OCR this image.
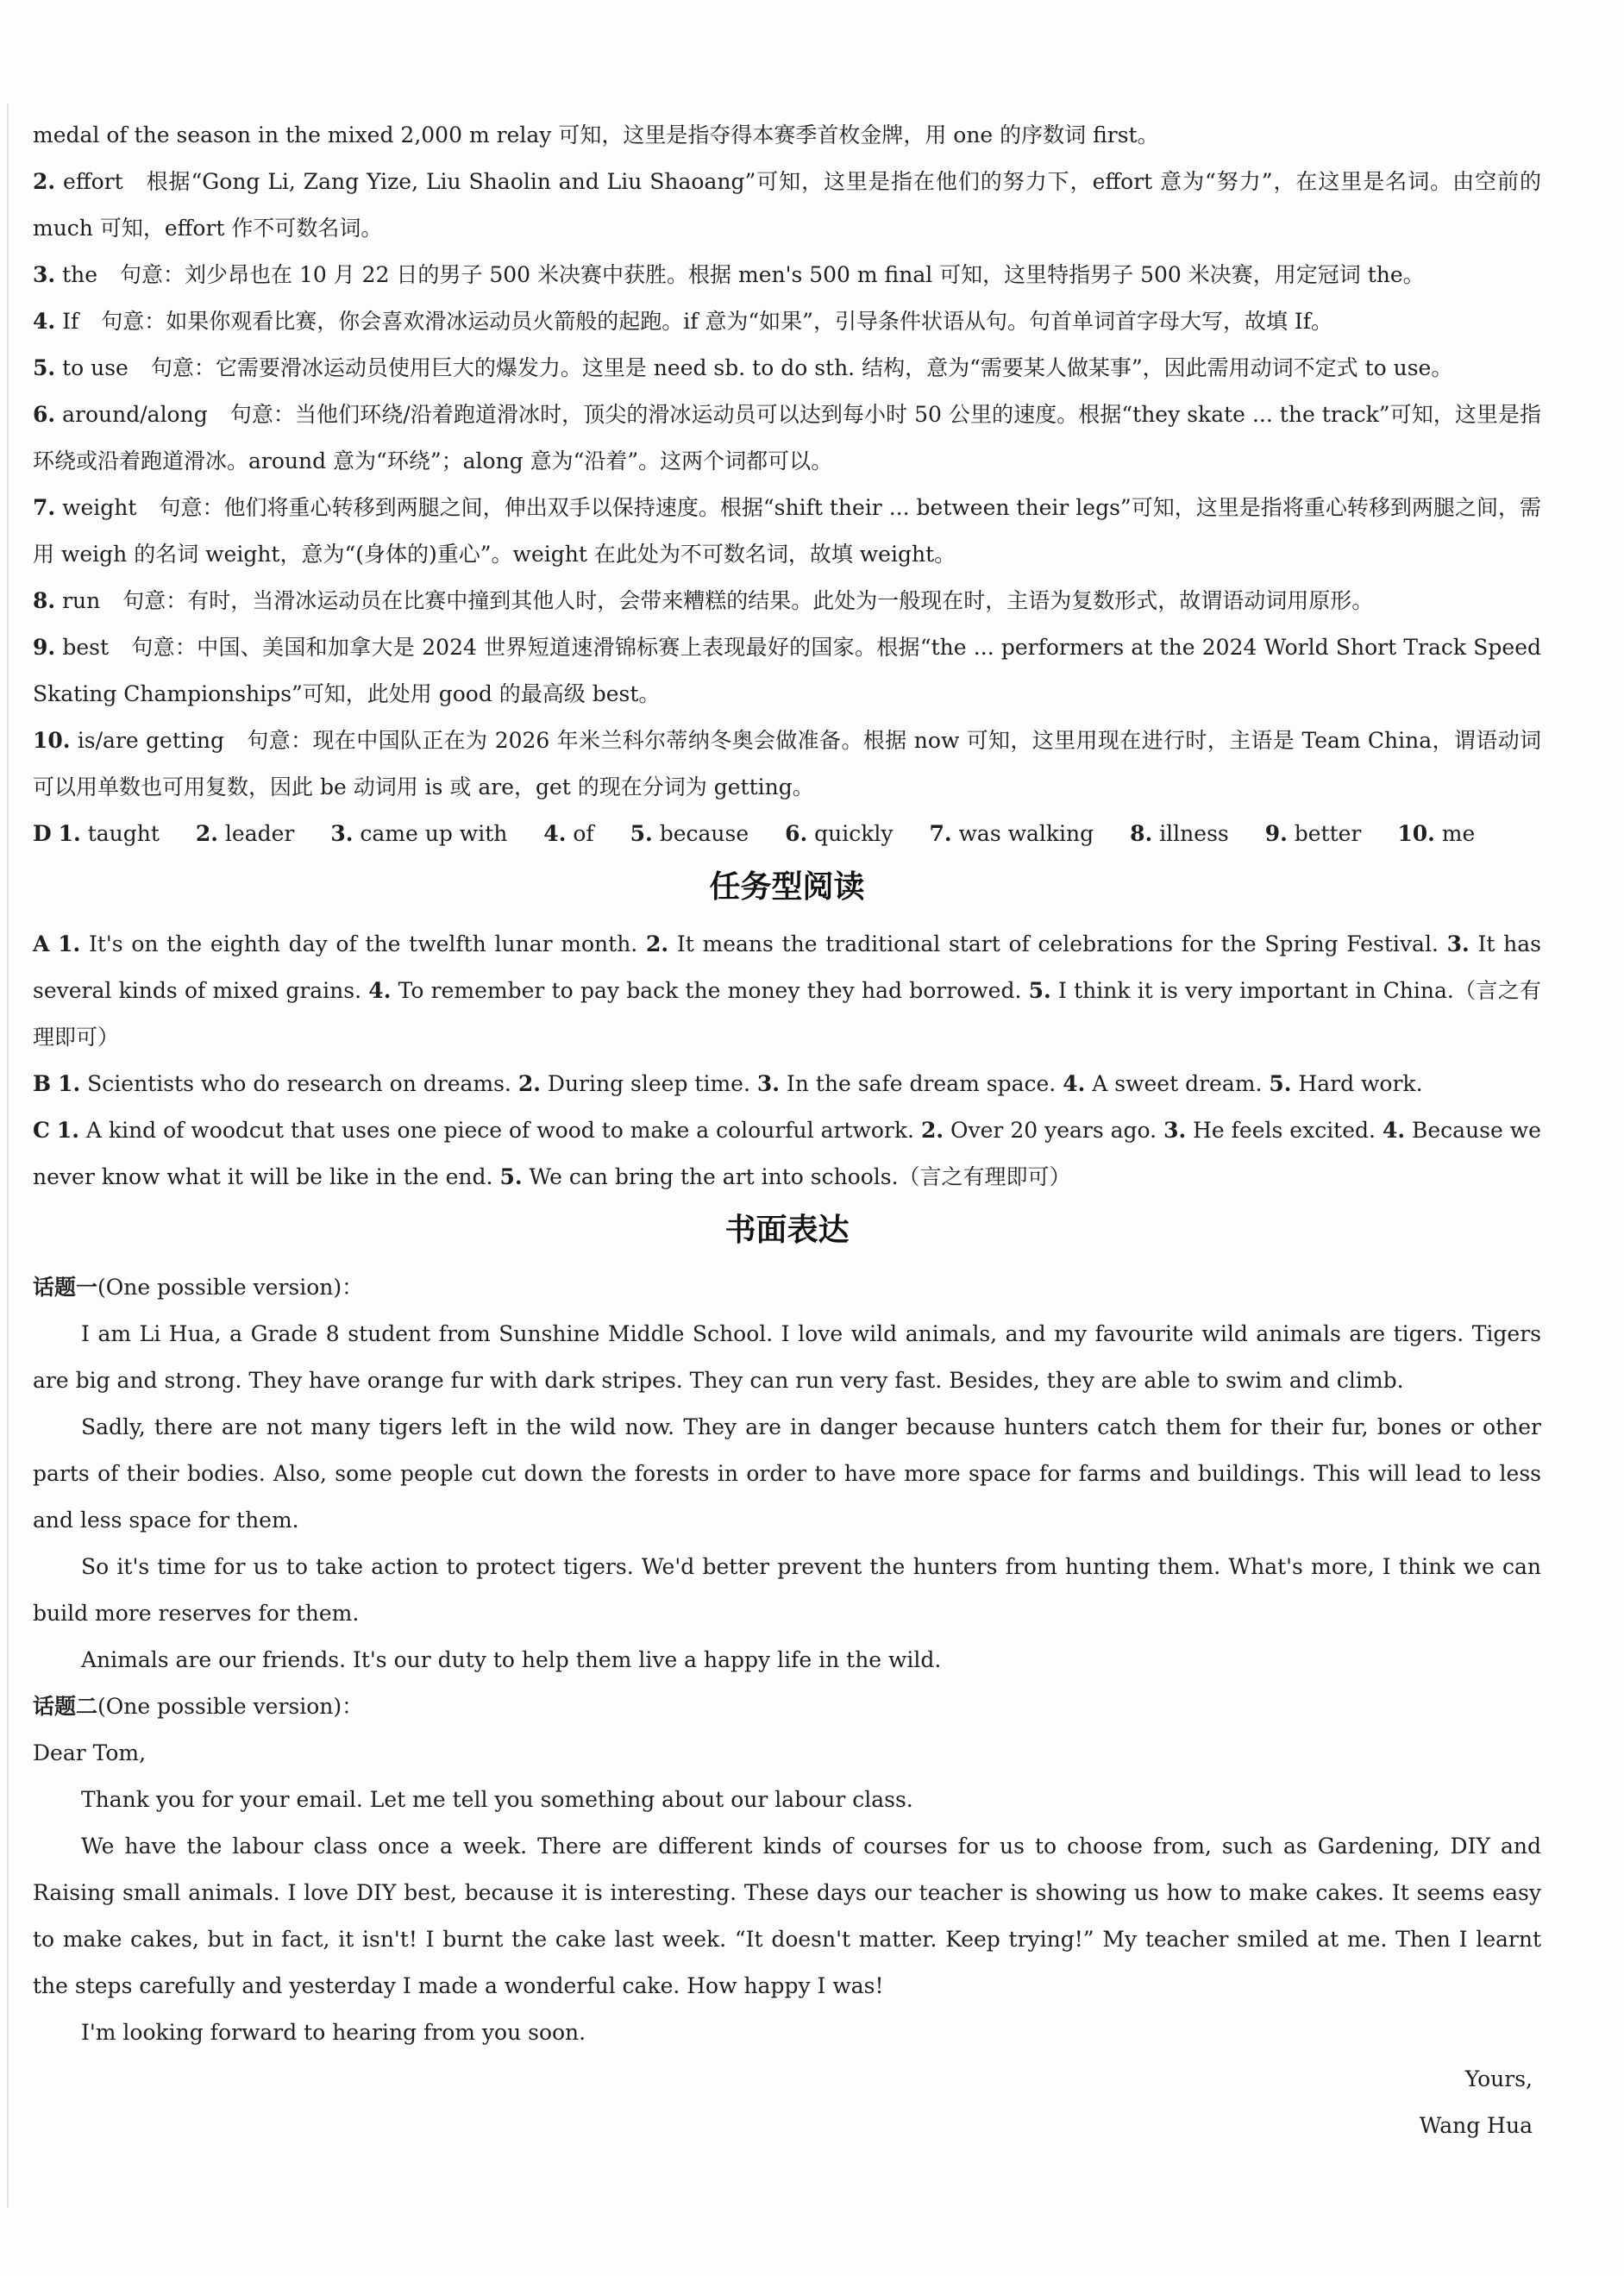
medal of the season in the mixed 2,000 m relay 可知，这里是指夺得本赛季首枚金牌，用 one 的序数词 first。

2. effort 根据“Gong Li, Zang Yize, Liu Shaolin and Liu Shaoang”可知，这里是指在他们的努力下，effort 意为“努力”，在这里是名词。由空前的 much 可知，effort 作不可数名词。

3. the 句意：刘少昂也在 10 月 22 日的男子 500 米决赛中获胜。根据 men's 500 m final 可知，这里特指男子 500 米决赛，用定冠词 the。

4. If 句意：如果你观看比赛，你会喜欢滑冰运动员火箭般的起跑。if 意为“如果”，引导条件状语从句。句首单词首字母大写，故填 If。

5. to use 句意：它需要滑冰运动员使用巨大的爆发力。这里是 need sb. to do sth. 结构，意为“需要某人做某事”，因此需用动词不定式 to use。

6. around/along 句意：当他们环绕/沿着跑道滑冰时，顶尖的滑冰运动员可以达到每小时 50 公里的速度。根据“they skate ... the track”可知，这里是指环绕或沿着跑道滑冰。around 意为“环绕”；along 意为“沿着”。这两个词都可以。

7. weight 句意：他们将重心转移到两腿之间，伸出双手以保持速度。根据“shift their ... between their legs”可知，这里是指将重心转移到两腿之间，需用 weigh 的名词 weight，意为“(身体的)重心”。weight 在此处为不可数名词，故填 weight。

8. run 句意：有时，当滑冰运动员在比赛中撞到其他人时，会带来糟糕的结果。此处为一般现在时，主语为复数形式，故谓语动词用原形。

9. best 句意：中国、美国和加拿大是 2024 世界短道速滑锦标赛上表现最好的国家。根据“the ... performers at the 2024 World Short Track Speed Skating Championships”可知，此处用 good 的最高级 best。

10. is/are getting 句意：现在中国队正在为 2026 年米兰科尔蒂纳冬奥会做准备。根据 now 可知，这里用现在进行时，主语是 Team China，谓语动词可以用单数也可用复数，因此 be 动词用 is 或 are，get 的现在分词为 getting。

D 1. taught 2. leader 3. came up with 4. of 5. because 6. quickly 7. was walking 8. illness 9. better 10. me

任务型阅读

A 1. It's on the eighth day of the twelfth lunar month. 2. It means the traditional start of celebrations for the Spring Festival. 3. It has several kinds of mixed grains. 4. To remember to pay back the money they had borrowed. 5. I think it is very important in China.（言之有理即可）

B 1. Scientists who do research on dreams. 2. During sleep time. 3. In the safe dream space. 4. A sweet dream. 5. Hard work.

C 1. A kind of woodcut that uses one piece of wood to make a colourful artwork. 2. Over 20 years ago. 3. He feels excited. 4. Because we never know what it will be like in the end. 5. We can bring the art into schools.（言之有理即可）

书面表达

话题一(One possible version)：

I am Li Hua, a Grade 8 student from Sunshine Middle School. I love wild animals, and my favourite wild animals are tigers. Tigers are big and strong. They have orange fur with dark stripes. They can run very fast. Besides, they are able to swim and climb.

Sadly, there are not many tigers left in the wild now. They are in danger because hunters catch them for their fur, bones or other parts of their bodies. Also, some people cut down the forests in order to have more space for farms and buildings. This will lead to less and less space for them.

So it's time for us to take action to protect tigers. We'd better prevent the hunters from hunting them. What's more, I think we can build more reserves for them.

Animals are our friends. It's our duty to help them live a happy life in the wild.

话题二(One possible version)：

Dear Tom,

Thank you for your email. Let me tell you something about our labour class.

We have the labour class once a week. There are different kinds of courses for us to choose from, such as Gardening, DIY and Raising small animals. I love DIY best, because it is interesting. These days our teacher is showing us how to make cakes. It seems easy to make cakes, but in fact, it isn't! I burnt the cake last week. “It doesn't matter. Keep trying!” My teacher smiled at me. Then I learnt the steps carefully and yesterday I made a wonderful cake. How happy I was!

I'm looking forward to hearing from you soon.

Yours,

Wang Hua
